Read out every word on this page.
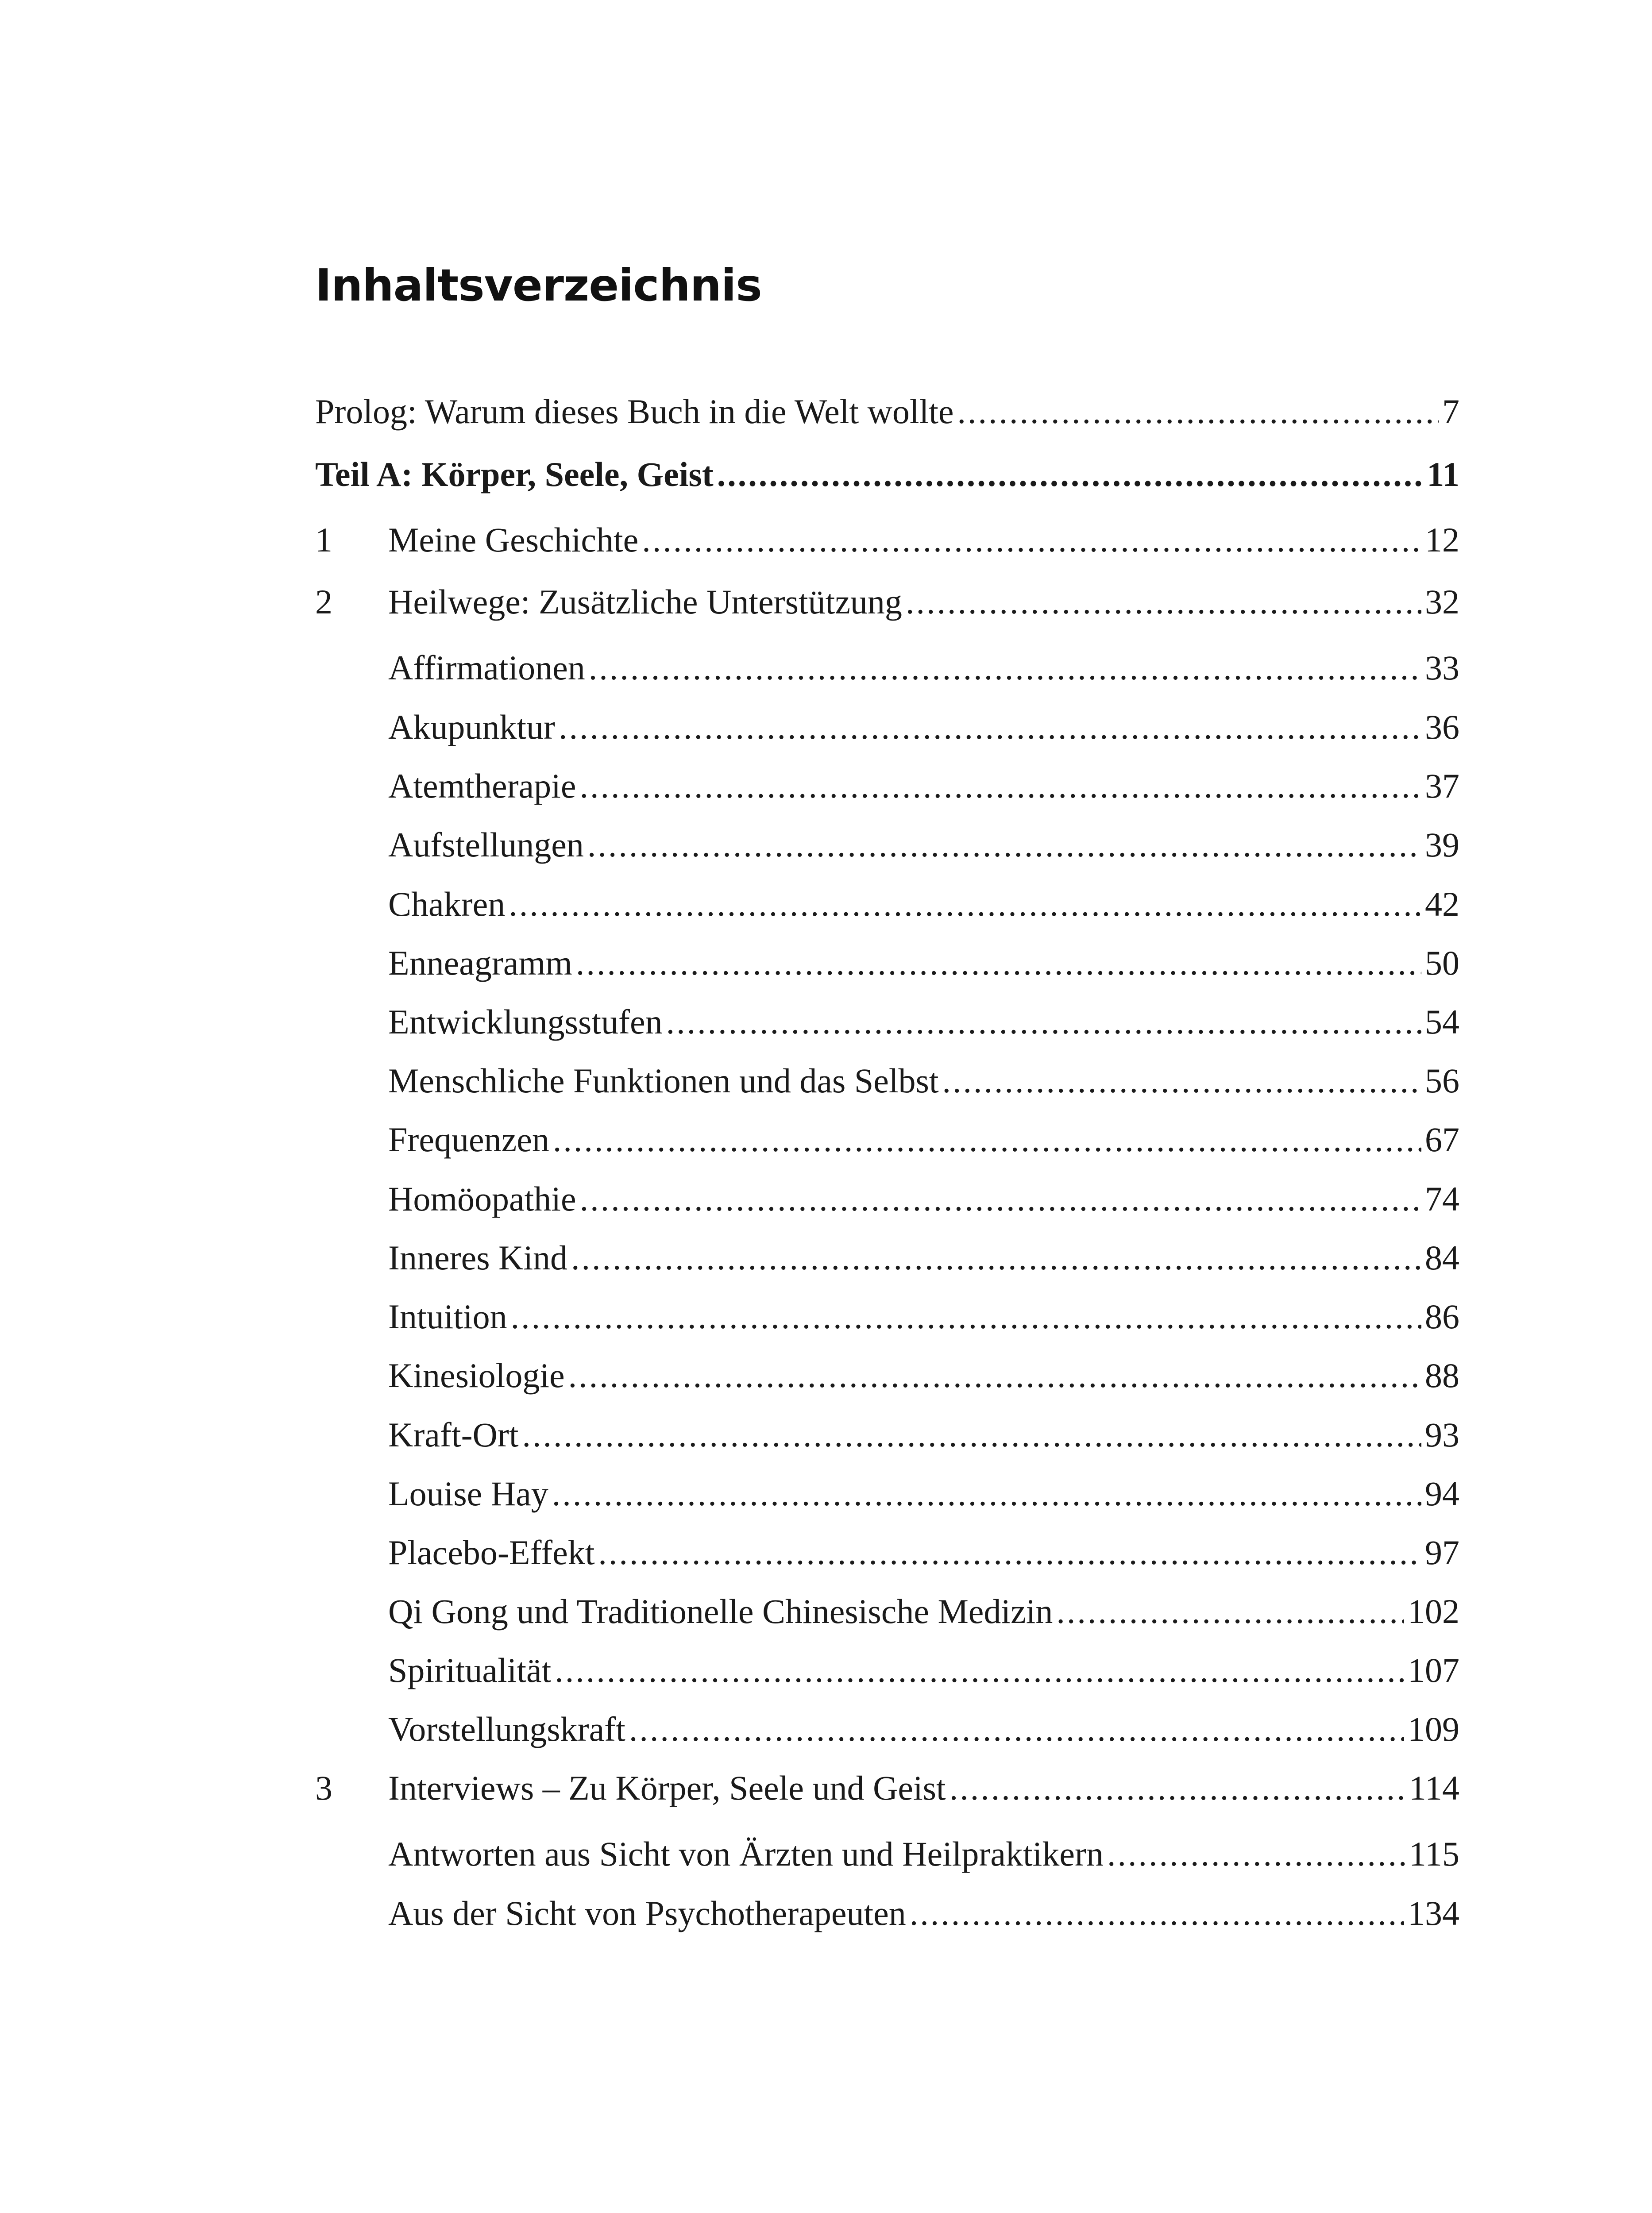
Inhaltsverzeichnis
Prolog: Warum dieses Buch in die Welt wollte .....	7
Teil A: Körper, Seele, Geist .....	11
1	Meine Geschichte .....	12
2	Heilwege: Zusätzliche Unterstützung .....	32
Affirmationen .....	33
Akupunktur .....	36
Atemtherapie .....	37
Aufstellungen .....	39
Chakren .....	42
Enneagramm .....	50
Entwicklungsstufen .....	54
Menschliche Funktionen und das Selbst .....	56
Frequenzen .....	67
Homöopathie .....	74
Inneres Kind .....	84
Intuition .....	86
Kinesiologie .....	88
Kraft-Ort .....	93
Louise Hay .....	94
Placebo-Effekt .....	97
Qi Gong und Traditionelle Chinesische Medizin .....	102
Spiritualität .....	107
Vorstellungskraft .....	109
3	Interviews – Zu Körper, Seele und Geist .....	114
Antworten aus Sicht von Ärzten und Heilpraktikern .....	115
Aus der Sicht von Psychotherapeuten .....	134
